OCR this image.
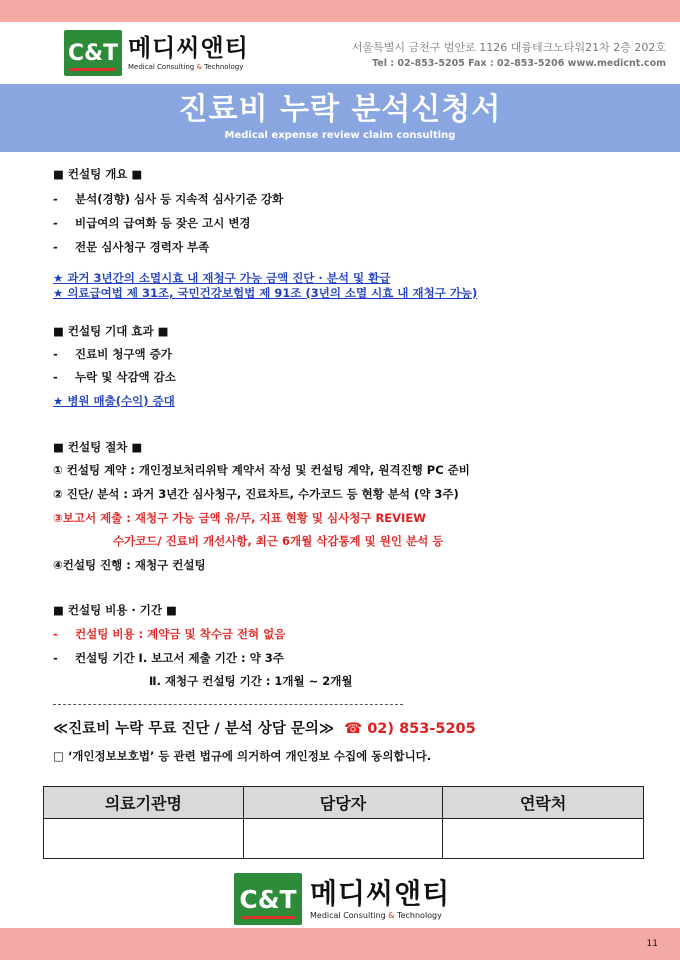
C&T 메디씨앤티
Medical Consulting & Technology
서울특별시 금천구 범안로 1126 대륭테크노타워21차 2층 202호
Tel : 02-853-5205 Fax : 02-853-5206 www.medicnt.com
진료비 누락 분석신청서
Medical expense review claim consulting
■ 컨설팅 개요 ■
- 분석(경향) 심사 등 지속적 심사기준 강화
- 비급여의 급여화 등 잦은 고시 변경
- 전문 심사청구 경력자 부족
★ 과거 3년간의 소멸시효 내 재청구 가능 금액 진단 · 분석 및 환급
★ 의료급여법 제 31조, 국민건강보험법 제 91조 (3년의 소멸 시효 내 재청구 가능)
■ 컨설팅 기대 효과 ■
- 진료비 청구액 증가
- 누락 및 삭감액 감소
★ 병원 매출(수익) 증대
■ 컨설팅 절차 ■
① 컨설팅 계약 : 개인정보처리위탁 계약서 작성 및 컨설팅 계약, 원격진행 PC 준비
② 진단/ 분석 : 과거 3년간 심사청구, 진료차트, 수가코드 등 현황 분석 (약 3주)
③보고서 제출 : 재청구 가능 금액 유/무, 지표 현황 및 심사청구 REVIEW
수가코드/ 진료비 개선사항, 최근 6개월 삭감통계 및 원인 분석 등
④컨설팅 진행 : 재청구 컨설팅
■ 컨설팅 비용 · 기간 ■
- 컨설팅 비용 : 계약금 및 착수금 전혀 없음
- 컨설팅 기간 Ⅰ. 보고서 제출 기간 : 약 3주
Ⅱ. 재청구 컨설팅 기간 : 1개월 ~ 2개월
≪진료비 누락 무료 진단 / 분석 상담 문의≫ ☎ 02) 853-5205
□ ‘개인정보보호법’ 등 관련 법규에 의거하여 개인정보 수집에 동의합니다.
의료기관명	담당자	연락처

C&T 메디씨앤티
Medical Consulting & Technology
11
